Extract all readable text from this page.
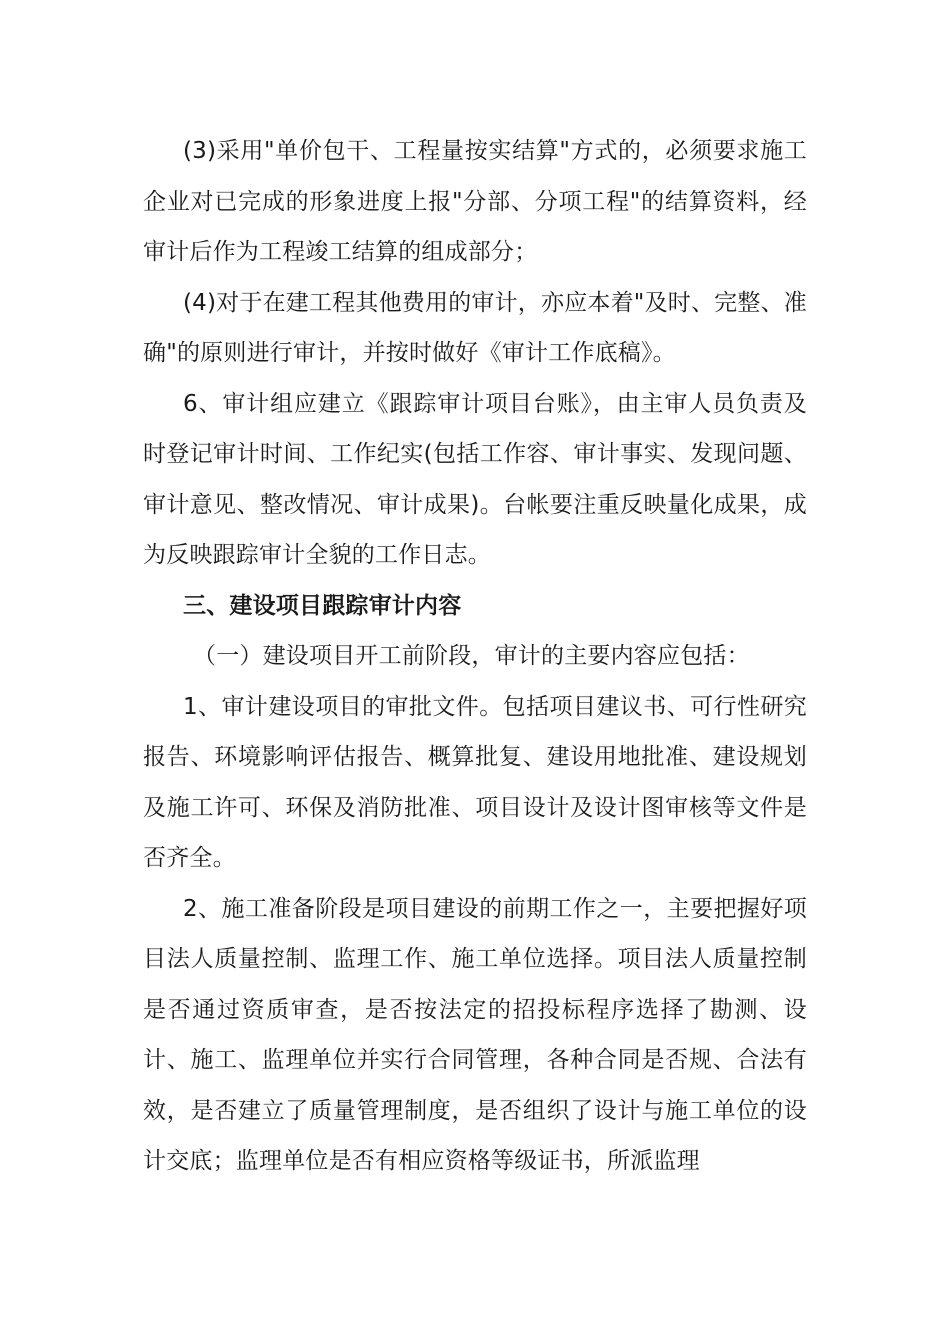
(3)采用"单价包干、工程量按实结算"方式的，必须要求施工企业对已完成的形象进度上报"分部、分项工程"的结算资料，经审计后作为工程竣工结算的组成部分；

(4)对于在建工程其他费用的审计，亦应本着"及时、完整、准确"的原则进行审计，并按时做好《审计工作底稿》。

6、审计组应建立《跟踪审计项目台账》，由主审人员负责及时登记审计时间、工作纪实(包括工作容、审计事实、发现问题、审计意见、整改情况、审计成果)。台帐要注重反映量化成果，成为反映跟踪审计全貌的工作日志。

三、建设项目跟踪审计内容

（一）建设项目开工前阶段，审计的主要内容应包括：

1、审计建设项目的审批文件。包括项目建议书、可行性研究报告、环境影响评估报告、概算批复、建设用地批准、建设规划及施工许可、环保及消防批准、项目设计及设计图审核等文件是否齐全。

2、施工准备阶段是项目建设的前期工作之一，主要把握好项目法人质量控制、监理工作、施工单位选择。项目法人质量控制是否通过资质审查，是否按法定的招投标程序选择了勘测、设计、施工、监理单位并实行合同管理，各种合同是否规、合法有效，是否建立了质量管理制度，是否组织了设计与施工单位的设计交底；监理单位是否有相应资格等级证书，所派监理
